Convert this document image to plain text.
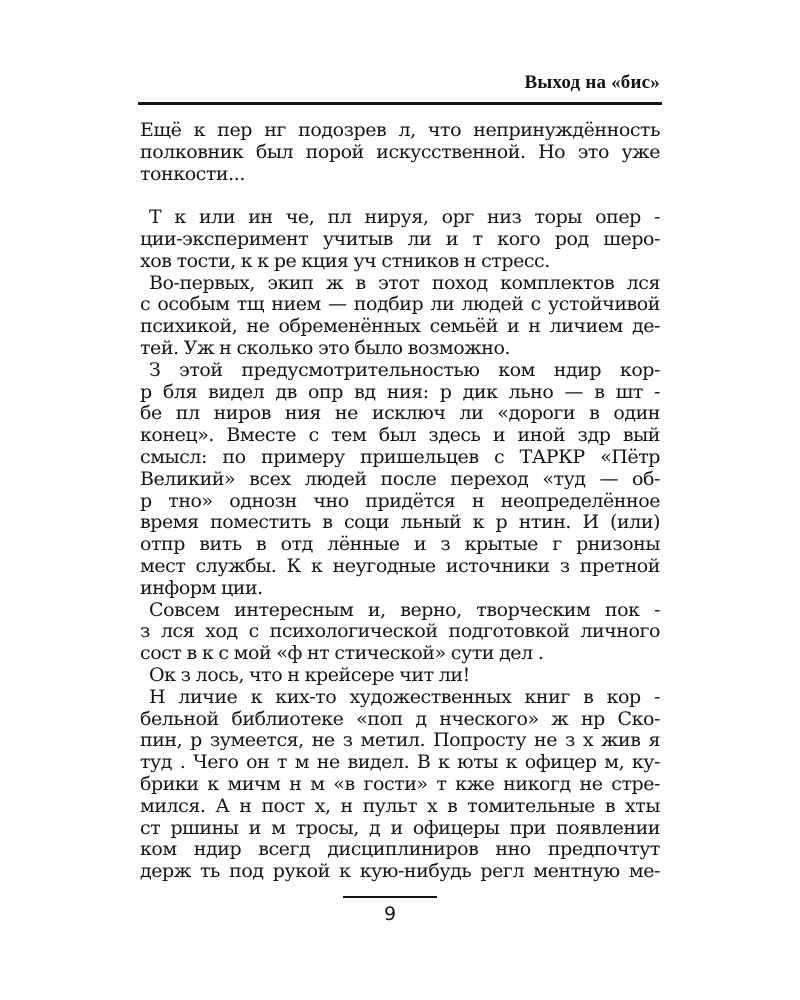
Выход на «бис»
Ещё к пер нг подозрев л, что непринуждённость
полковник был порой искусственной. Но это уже
тонкости...
Т к или ин че, пл нируя, орг низ торы опер -
ции-эксперимент учитыв ли и т кого род шеро-
хов тости, к к ре кция уч стников н стресс.
Во-первых, экип ж в этот поход комплектов лся
с особым тщ нием — подбир ли людей с устойчивой
психикой, не обременённых семьёй и н личием де-
тей. Уж н сколько это было возможно.
З этой предусмотрительностью ком ндир кор-
р бля видел дв опр вд ния: р дик льно — в шт -
бе пл ниров ния не исключ ли «дороги в один
конец». Вместе с тем был здесь и иной здр вый
смысл: по примеру пришельцев с ТАРКР «Пётр
Великий» всех людей после переход «туд — об-
р тно» однозн чно придётся н неопределённое
время поместить в соци льный к р нтин. И (или)
отпр вить в отд лённые и з крытые г рнизоны
мест службы. К к неугодные источники з претной
информ ции.
Совсем интересным и, верно, творческим пок -
з лся ход с психологической подготовкой личного
сост в к с мой «ф нт стической» сути дел .
Ок з лось, что н крейсере чит ли!
Н личие к ких-то художественных книг в кор -
бельной библиотеке «поп д нческого» ж нр Ско-
пин, р зумеется, не з метил. Попросту не з х жив я
туд . Чего он т м не видел. В к юты к офицер м, ку-
брики к мичм н м «в гости» т кже никогд не стре-
мился. А н пост х, н пульт х в томительные в хты
ст ршины и м тросы, д и офицеры при появлении
ком ндир всегд дисциплиниров нно предпочтут
держ ть под рукой к кую-нибудь регл ментную ме-
9
